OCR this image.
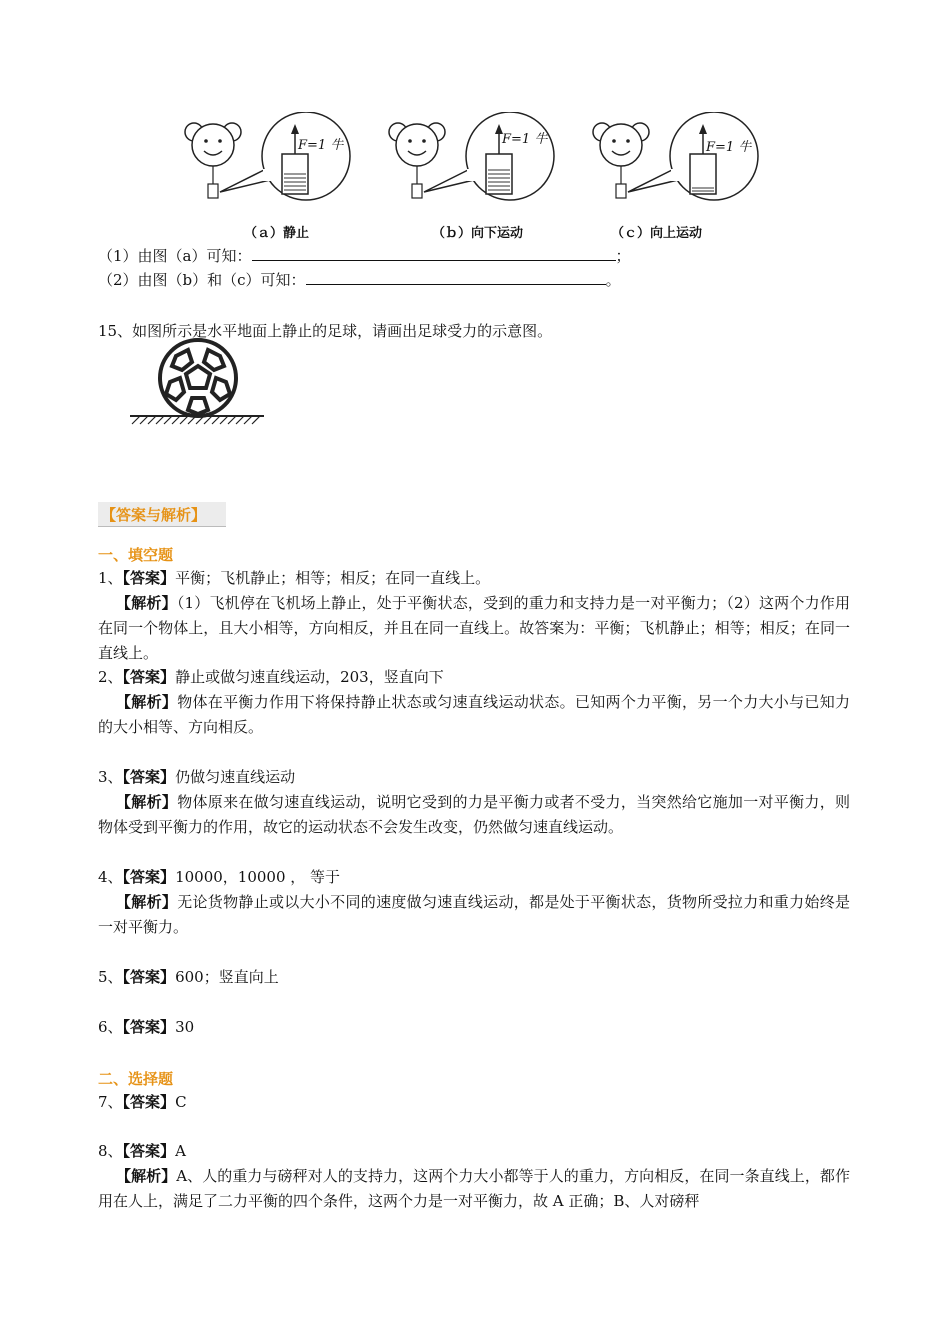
F=1 牛	F=1 牛
F=1 牛
（ａ）静止	（ｂ）向下运动	（ｃ）向上运动
（1）由图（a）可知：	；
（2）由图（b）和（c）可知：	。
15、如图所示是水平地面上静止的足球，请画出足球受力的示意图。
【答案与解析】
一、填空题
1、【答案】平衡；飞机静止；相等；相反；在同一直线上。
【解析】（1）飞机停在飞机场上静止，处于平衡状态，受到的重力和支持力是一对平衡力；（2）这两个力作用在同一个物体上，且大小相等，方向相反，并且在同一直线上。故答案为：平衡；飞机静止；相等；相反；在同一直线上。
2、【答案】静止或做匀速直线运动，203，竖直向下
【解析】物体在平衡力作用下将保持静止状态或匀速直线运动状态。已知两个力平衡，另一个力大小与已知力的大小相等、方向相反。
3、【答案】仍做匀速直线运动
【解析】物体原来在做匀速直线运动，说明它受到的力是平衡力或者不受力，当突然给它施加一对平衡力，则物体受到平衡力的作用，故它的运动状态不会发生改变，仍然做匀速直线运动。
4、【答案】10000，10000 ， 等于
【解析】无论货物静止或以大小不同的速度做匀速直线运动，都是处于平衡状态，货物所受拉力和重力始终是一对平衡力。
5、【答案】600；竖直向上
6、【答案】30
二、选择题
7、【答案】C
8、【答案】A
【解析】A、人的重力与磅秤对人的支持力，这两个力大小都等于人的重力，方向相反，在同一条直线上，都作用在人上，满足了二力平衡的四个条件，这两个力是一对平衡力，故 A 正确；B、人对磅秤
